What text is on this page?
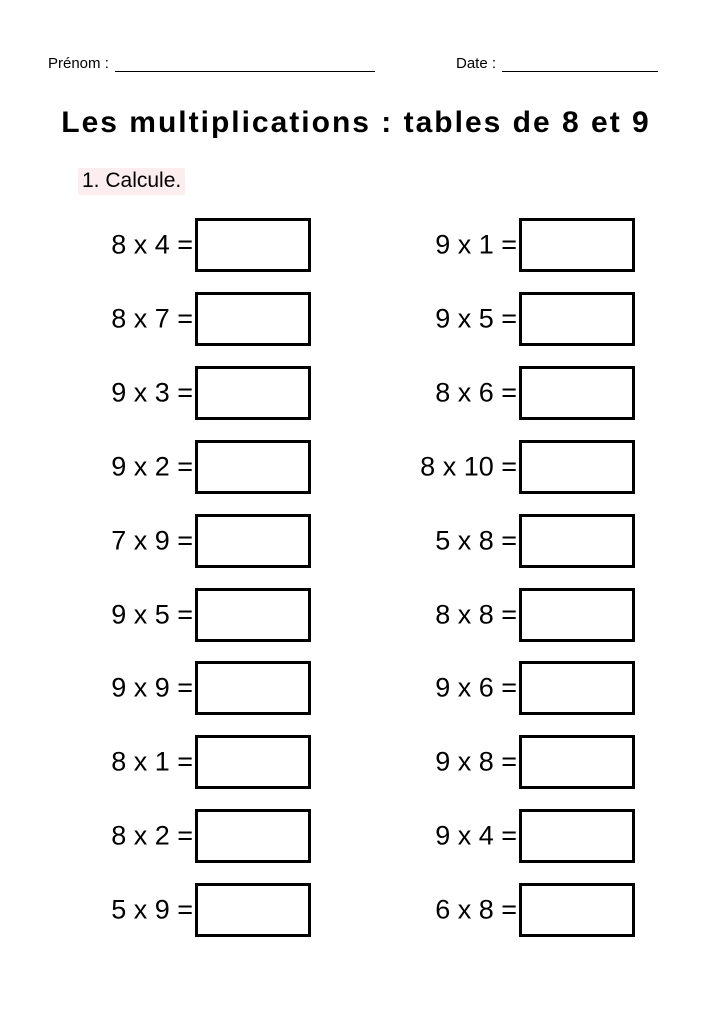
Prénom :	Date :
Les multiplications : tables de 8 et 9
1. Calcule.
8 x 4 =
8 x 7 =
9 x 3 =
9 x 2 =
7 x 9 =
9 x 5 =
9 x 9 =
8 x 1 =
8 x 2 =
5 x 9 =
9 x 1 =
9 x 5 =
8 x 6 =
8 x 10 =
5 x 8 =
8 x 8 =
9 x 6 =
9 x 8 =
9 x 4 =
6 x 8 =
